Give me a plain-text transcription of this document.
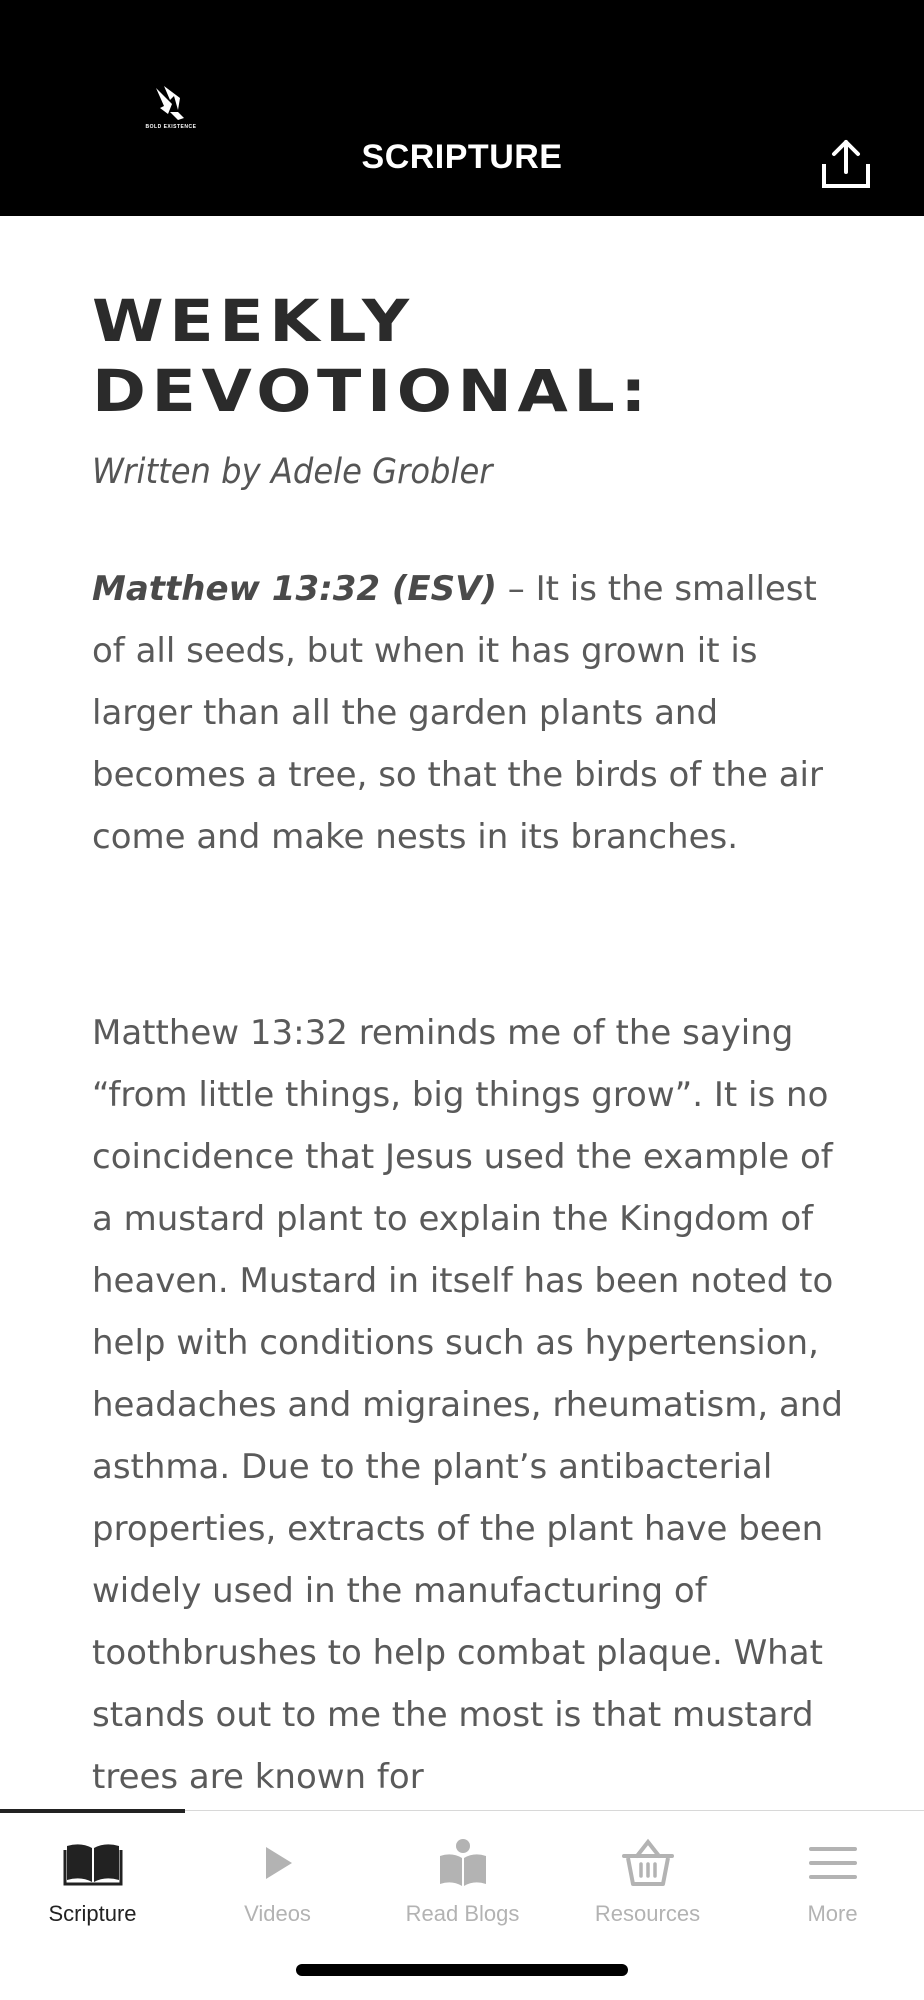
BOLD EXISTENCE
SCRIPTURE
WEEKLY
DEVOTIONAL:
Written by Adele Grobler
Matthew 13:32 (ESV) – It is the smallest of all seeds, but when it has grown it is larger than all the garden plants and becomes a tree, so that the birds of the air come and make nests in its branches.
Matthew 13:32 reminds me of the saying “from little things, big things grow”. It is no coincidence that Jesus used the example of a mustard plant to explain the Kingdom of heaven. Mustard in itself has been noted to help with conditions such as hypertension, headaches and migraines, rheumatism, and asthma. Due to the plant’s antibacterial properties, extracts of the plant have been widely used in the manufacturing of toothbrushes to help combat plaque. What stands out to me the most is that mustard trees are known for
Scripture	Videos	Read Blogs	Resources	More
